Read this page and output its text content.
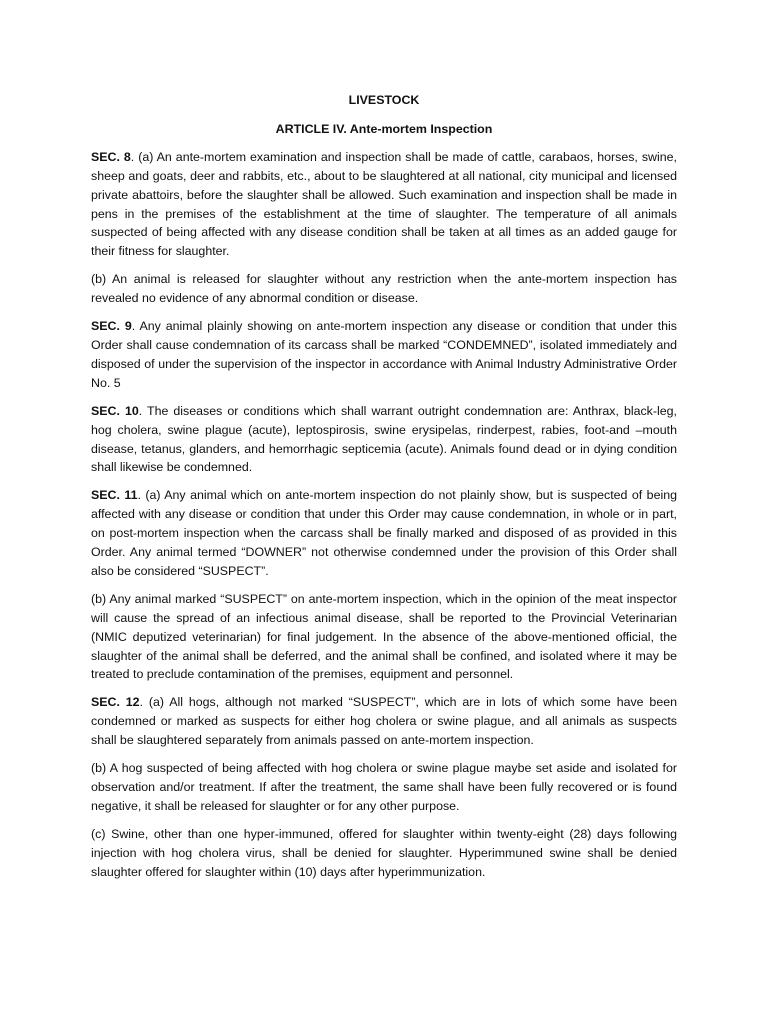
LIVESTOCK

ARTICLE IV. Ante-mortem Inspection

SEC. 8. (a) An ante-mortem examination and inspection shall be made of cattle, carabaos, horses, swine, sheep and goats, deer and rabbits, etc., about to be slaughtered at all national, city municipal and licensed private abattoirs, before the slaughter shall be allowed. Such examination and inspection shall be made in pens in the premises of the establishment at the time of slaughter. The temperature of all animals suspected of being affected with any disease condition shall be taken at all times as an added gauge for their fitness for slaughter.

(b) An animal is released for slaughter without any restriction when the ante-mortem inspection has revealed no evidence of any abnormal condition or disease.

SEC. 9. Any animal plainly showing on ante-mortem inspection any disease or condition that under this Order shall cause condemnation of its carcass shall be marked “CONDEMNED”, isolated immediately and disposed of under the supervision of the inspector in accordance with Animal Industry Administrative Order No. 5

SEC. 10. The diseases or conditions which shall warrant outright condemnation are: Anthrax, black-leg, hog cholera, swine plague (acute), leptospirosis, swine erysipelas, rinderpest, rabies, foot-and –mouth disease, tetanus, glanders, and hemorrhagic septicemia (acute). Animals found dead or in dying condition shall likewise be condemned.

SEC. 11. (a) Any animal which on ante-mortem inspection do not plainly show, but is suspected of being affected with any disease or condition that under this Order may cause condemnation, in whole or in part, on post-mortem inspection when the carcass shall be finally marked and disposed of as provided in this Order. Any animal termed “DOWNER” not otherwise condemned under the provision of this Order shall also be considered “SUSPECT”.

(b) Any animal marked “SUSPECT” on ante-mortem inspection, which in the opinion of the meat inspector will cause the spread of an infectious animal disease, shall be reported to the Provincial Veterinarian (NMIC deputized veterinarian) for final judgement. In the absence of the above-mentioned official, the slaughter of the animal shall be deferred, and the animal shall be confined, and isolated where it may be treated to preclude contamination of the premises, equipment and personnel.

SEC. 12. (a) All hogs, although not marked “SUSPECT”, which are in lots of which some have been condemned or marked as suspects for either hog cholera or swine plague, and all animals as suspects shall be slaughtered separately from animals passed on ante-mortem inspection.

(b) A hog suspected of being affected with hog cholera or swine plague maybe set aside and isolated for observation and/or treatment. If after the treatment, the same shall have been fully recovered or is found negative, it shall be released for slaughter or for any other purpose.

(c) Swine, other than one hyper-immuned, offered for slaughter within twenty-eight (28) days following injection with hog cholera virus, shall be denied for slaughter. Hyperimmuned swine shall be denied slaughter offered for slaughter within (10) days after hyperimmunization.
